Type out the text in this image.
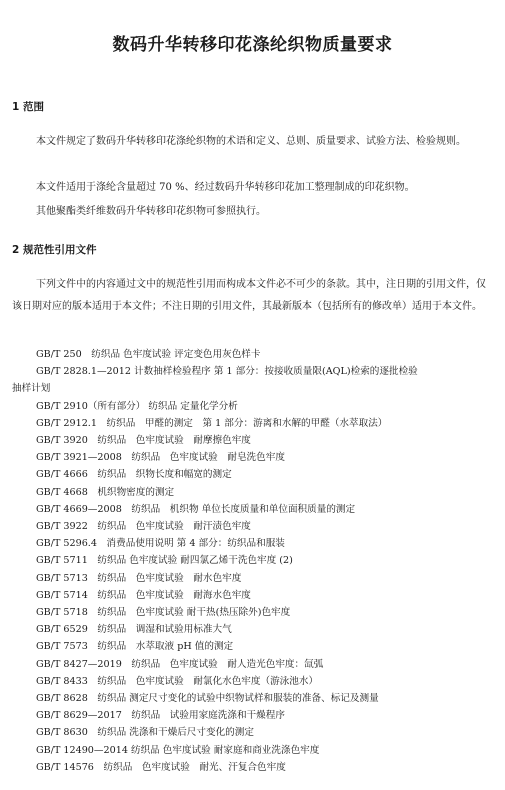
数码升华转移印花涤纶织物质量要求
1 范围
本文件规定了数码升华转移印花涤纶织物的术语和定义、总则、质量要求、试验方法、检验规则。
本文件适用于涤纶含量超过 70 %、经过数码升华转移印花加工整理制成的印花织物。
其他聚酯类纤维数码升华转移印花织物可参照执行。
2 规范性引用文件
下列文件中的内容通过文中的规范性引用而构成本文件必不可少的条款。其中，注日期的引用文件，仅该日期对应的版本适用于本文件；不注日期的引用文件，其最新版本（包括所有的修改单）适用于本文件。
GB/T 250　纺织品 色牢度试验 评定变色用灰色样卡
GB/T 2828.1—2012 计数抽样检验程序 第 1 部分：按接收质量限(AQL)检索的逐批检验
抽样计划
GB/T 2910（所有部分） 纺织品 定量化学分析
GB/T 2912.1　纺织品　甲醛的测定　第 1 部分：游离和水解的甲醛（水萃取法）
GB/T 3920　纺织品　色牢度试验　耐摩擦色牢度
GB/T 3921—2008　纺织品　色牢度试验　耐皂洗色牢度
GB/T 4666　纺织品　织物长度和幅宽的测定
GB/T 4668　机织物密度的测定
GB/T 4669—2008　纺织品　机织物 单位长度质量和单位面积质量的测定
GB/T 3922　纺织品　色牢度试验　耐汗渍色牢度
GB/T 5296.4　消费品使用说明 第 4 部分：纺织品和服装
GB/T 5711　纺织品 色牢度试验 耐四氯乙烯干洗色牢度 (2)
GB/T 5713　纺织品　色牢度试验　耐水色牢度
GB/T 5714　纺织品　色牢度试验　耐海水色牢度
GB/T 5718　纺织品　色牢度试验 耐干热(热压除外)色牢度
GB/T 6529　纺织品　调湿和试验用标准大气
GB/T 7573　纺织品　水萃取液 pH 值的测定
GB/T 8427—2019　纺织品　色牢度试验　耐人造光色牢度：氙弧
GB/T 8433　纺织品　色牢度试验　耐氯化水色牢度（游泳池水）
GB/T 8628　纺织品 测定尺寸变化的试验中织物试样和服装的准备、标记及测量
GB/T 8629—2017　纺织品　试验用家庭洗涤和干燥程序
GB/T 8630　纺织品 洗涤和干燥后尺寸变化的测定
GB/T 12490—2014 纺织品 色牢度试验 耐家庭和商业洗涤色牢度
GB/T 14576　纺织品　色牢度试验　耐光、汗复合色牢度
